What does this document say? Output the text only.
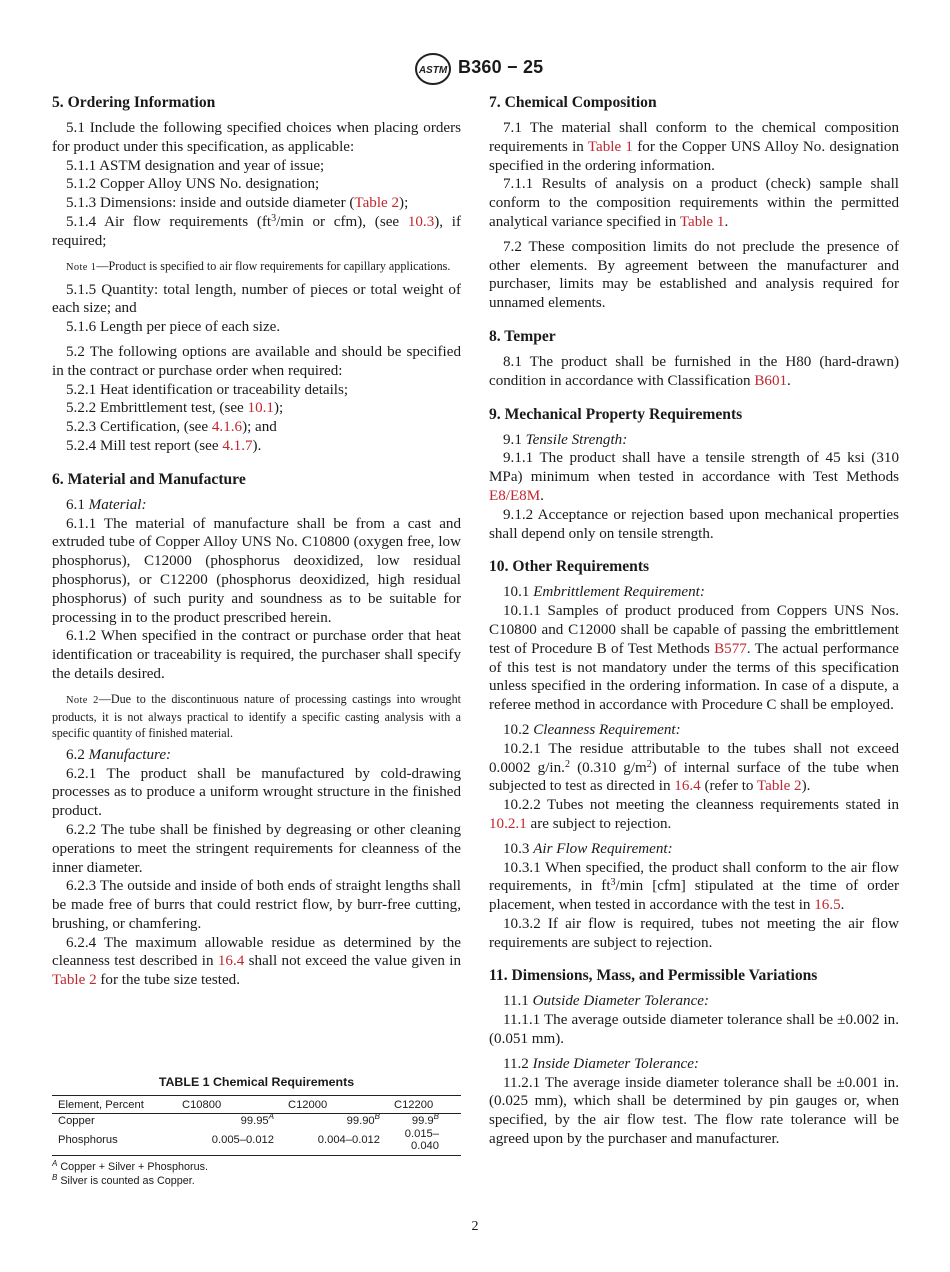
ASTM B360 − 25
5. Ordering Information

5.1 Include the following specified choices when placing orders for product under this specification, as applicable:

5.1.1 ASTM designation and year of issue;

5.1.2 Copper Alloy UNS No. designation;

5.1.3 Dimensions: inside and outside diameter (Table 2);

5.1.4 Air flow requirements ($ft^3/\min$ or cfm), (see 10.3), if required;

Note 1—Product is specified to air flow requirements for capillary applications.

5.1.5 Quantity: total length, number of pieces or total weight of each size; and

5.1.6 Length per piece of each size.

5.2 The following options are available and should be specified in the contract or purchase order when required:

5.2.1 Heat identification or traceability details;

5.2.2 Embrittlement test, (see 10.1);

5.2.3 Certification, (see 4.1.6); and

5.2.4 Mill test report (see 4.1.7).

6. Material and Manufacture

6.1 Material:

6.1.1 The material of manufacture shall be from a cast and extruded tube of Copper Alloy UNS No. C10800 (oxygen free, low phosphorus), C12000 (phosphorus deoxidized, low residual phosphorus), or C12200 (phosphorus deoxidized, high residual phosphorus) of such purity and soundness as to be suitable for processing in to the product prescribed herein.

6.1.2 When specified in the contract or purchase order that heat identification or traceability is required, the purchaser shall specify the details desired.

Note 2—Due to the discontinuous nature of processing castings into wrought products, it is not always practical to identify a specific casting analysis with a specific quantity of finished material.

6.2 Manufacture:

6.2.1 The product shall be manufactured by cold-drawing processes as to produce a uniform wrought structure in the finished product.

6.2.2 The tube shall be finished by degreasing or other cleaning operations to meet the stringent requirements for cleanness of the inner diameter.

6.2.3 The outside and inside of both ends of straight lengths shall be made free of burrs that could restrict flow, by burr-free cutting, brushing, or chamfering.

6.2.4 The maximum allowable residue as determined by the cleanness test described in 16.4 shall not exceed the value given in Table 2 for the tube size tested.

TABLE 1 Chemical Requirements
Element, Percent	C10800	C12000	C12200
Copper	$99.95^A$	$99.90^B$	$99.9^B$
Phosphorus	0.005–0.012	0.004–0.012	0.015–0.040
$^A$ Copper + Silver + Phosphorus.
$^B$ Silver is counted as Copper.
7. Chemical Composition

7.1 The material shall conform to the chemical composition requirements in Table 1 for the Copper UNS Alloy No. designation specified in the ordering information.

7.1.1 Results of analysis on a product (check) sample shall conform to the composition requirements within the permitted analytical variance specified in Table 1.

7.2 These composition limits do not preclude the presence of other elements. By agreement between the manufacturer and purchaser, limits may be established and analysis required for unnamed elements.

8. Temper

8.1 The product shall be furnished in the H80 (hard-drawn) condition in accordance with Classification B601.

9. Mechanical Property Requirements

9.1 Tensile Strength:

9.1.1 The product shall have a tensile strength of 45 ksi (310 MPa) minimum when tested in accordance with Test Methods E8/E8M.

9.1.2 Acceptance or rejection based upon mechanical properties shall depend only on tensile strength.

10. Other Requirements

10.1 Embrittlement Requirement:

10.1.1 Samples of product produced from Coppers UNS Nos. C10800 and C12000 shall be capable of passing the embrittlement test of Procedure B of Test Methods B577. The actual performance of this test is not mandatory under the terms of this specification unless specified in the ordering information. In case of a dispute, a referee method in accordance with Procedure C shall be employed.

10.2 Cleanness Requirement:

10.2.1 The residue attributable to the tubes shall not exceed 0.0002 g/in.$^2$ (0.310 $g/m^2$) of internal surface of the tube when subjected to test as directed in 16.4 (refer to Table 2).

10.2.2 Tubes not meeting the cleanness requirements stated in 10.2.1 are subject to rejection.

10.3 Air Flow Requirement:

10.3.1 When specified, the product shall conform to the air flow requirements, in $ft^3/\min$ [cfm] stipulated at the time of order placement, when tested in accordance with the test in 16.5.

10.3.2 If air flow is required, tubes not meeting the air flow requirements are subject to rejection.

11. Dimensions, Mass, and Permissible Variations

11.1 Outside Diameter Tolerance:

11.1.1 The average outside diameter tolerance shall be ±0.002 in. (0.051 mm).

11.2 Inside Diameter Tolerance:

11.2.1 The average inside diameter tolerance shall be ±0.001 in. (0.025 mm), which shall be determined by pin gauges or, when specified, by the air flow test. The flow rate tolerance will be agreed upon by the purchaser and manufacturer.

2
